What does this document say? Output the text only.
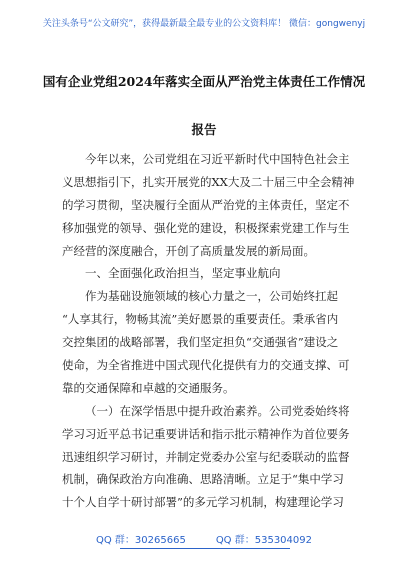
关注头条号“公文研究”，获得最新最全最专业的公文资料库！ 微信：gongwenyj
国有企业党组2024年落实全面从严治党主体责任工作情况
报告
今年以来，公司党组在习近平新时代中国特色社会主
义思想指引下，扎实开展党的XX大及二十届三中全会精神
的学习贯彻，坚决履行全面从严治党的主体责任，坚定不
移加强党的领导、强化党的建设，积极探索党建工作与生
产经营的深度融合，开创了高质量发展的新局面。
一、全面强化政治担当，坚定事业航向
作为基础设施领域的核心力量之一，公司始终扛起
“人享其行，物畅其流”美好愿景的重要责任。秉承省内
交控集团的战略部署，我们坚定担负“交通强省”建设之
使命，为全省推进中国式现代化提供有力的交通支撑、可
靠的交通保障和卓越的交通服务。
（一）在深学悟思中提升政治素养。公司党委始终将
学习习近平总书记重要讲话和指示批示精神作为首位要务
迅速组织学习研讨，并制定党委办公室与纪委联动的监督
机制，确保政治方向准确、思路清晰。立足于“集中学习
十个人自学十研讨部署”的多元学习机制，构建理论学习
QQ 群：30265665	QQ 群：535304092
